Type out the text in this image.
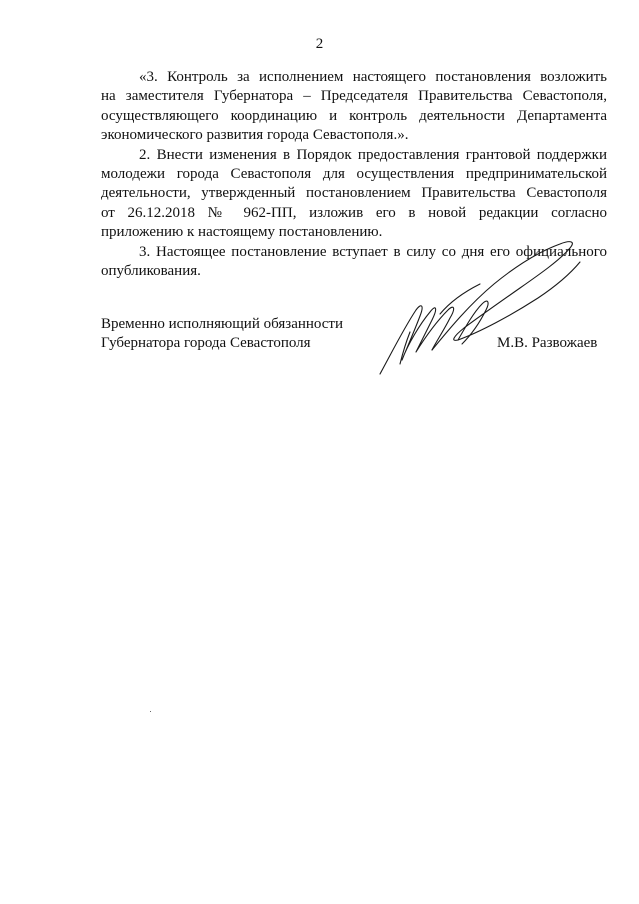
2

«3. Контроль за исполнением настоящего постановления возложить
на заместителя Губернатора – Председателя Правительства Севастополя,
осуществляющего координацию и контроль деятельности Департамента
экономического развития города Севастополя.».

2. Внести изменения в Порядок предоставления грантовой поддержки
молодежи города Севастополя для осуществления предпринимательской
деятельности, утвержденный постановлением Правительства Севастополя
от 26.12.2018 № 962-ПП, изложив его в новой редакции согласно
приложению к настоящему постановлению.

3. Настоящее постановление вступает в силу со дня его официального
опубликования.

Временно исполняющий обязанности
Губернатора города Севастополя	М.В. Развожаев
